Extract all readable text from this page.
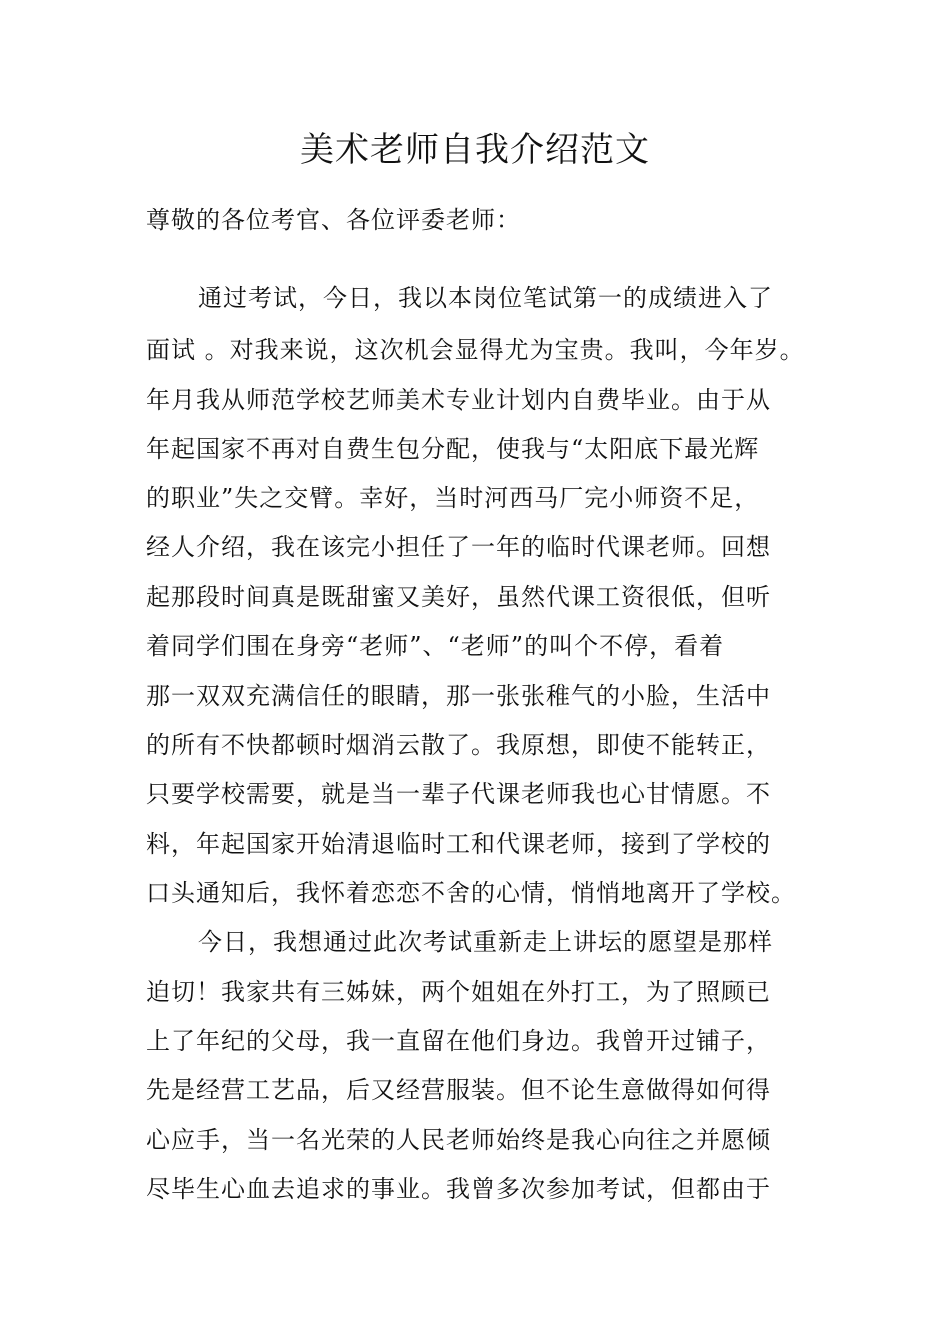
美术老师自我介绍范文
尊敬的各位考官、各位评委老师：
通过考试，今日，我以本岗位笔试第一的成绩进入了
面试 。对我来说，这次机会显得尤为宝贵。我叫，今年岁。
年月我从师范学校艺师美术专业计划内自费毕业。由于从
年起国家不再对自费生包分配，使我与“太阳底下最光辉
的职业”失之交臂。幸好，当时河西马厂完小师资不足，
经人介绍，我在该完小担任了一年的临时代课老师。回想
起那段时间真是既甜蜜又美好，虽然代课工资很低，但听
着同学们围在身旁“老师”、“老师”的叫个不停，看着
那一双双充满信任的眼睛，那一张张稚气的小脸，生活中
的所有不快都顿时烟消云散了。我原想，即使不能转正，
只要学校需要，就是当一辈子代课老师我也心甘情愿。不
料，年起国家开始清退临时工和代课老师，接到了学校的
口头通知后，我怀着恋恋不舍的心情，悄悄地离开了学校。
今日，我想通过此次考试重新走上讲坛的愿望是那样
迫切！我家共有三姊妹，两个姐姐在外打工，为了照顾已
上了年纪的父母，我一直留在他们身边。我曾开过铺子，
先是经营工艺品，后又经营服装。但不论生意做得如何得
心应手，当一名光荣的人民老师始终是我心向往之并愿倾
尽毕生心血去追求的事业。我曾多次参加考试，但都由于
